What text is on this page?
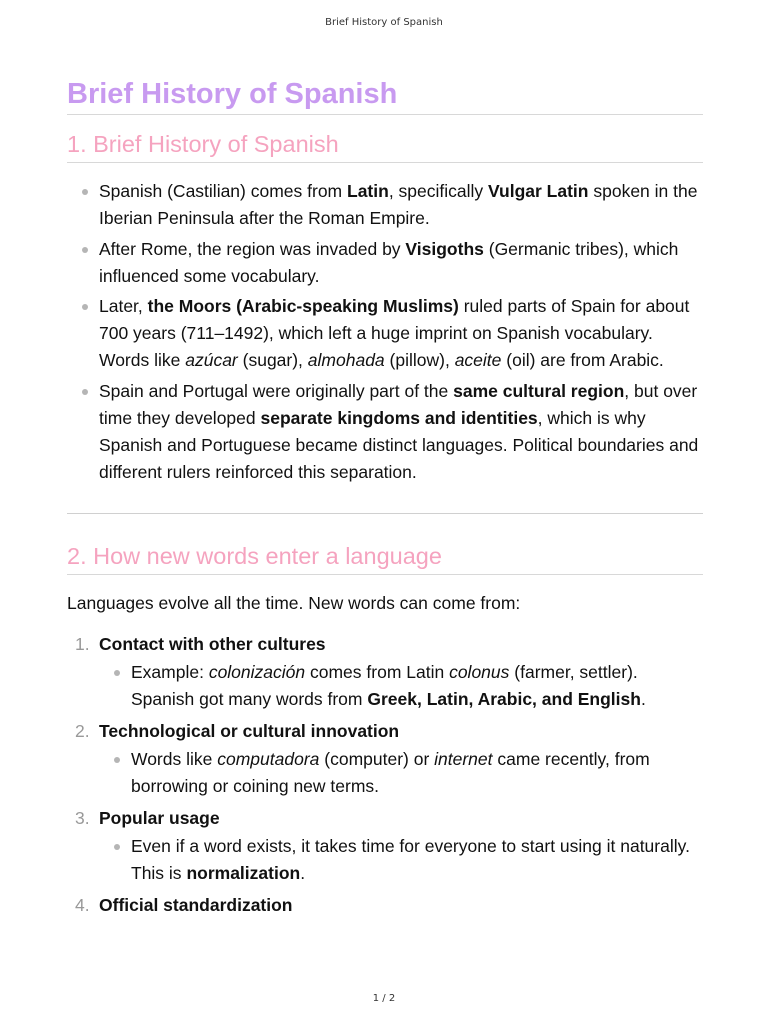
Brief History of Spanish
Brief History of Spanish
1. Brief History of Spanish
Spanish (Castilian) comes from Latin, specifically Vulgar Latin spoken in the Iberian Peninsula after the Roman Empire.
After Rome, the region was invaded by Visigoths (Germanic tribes), which influenced some vocabulary.
Later, the Moors (Arabic-speaking Muslims) ruled parts of Spain for about 700 years (711–1492), which left a huge imprint on Spanish vocabulary. Words like azúcar (sugar), almohada (pillow), aceite (oil) are from Arabic.
Spain and Portugal were originally part of the same cultural region, but over time they developed separate kingdoms and identities, which is why Spanish and Portuguese became distinct languages. Political boundaries and different rulers reinforced this separation.
2. How new words enter a language

Languages evolve all the time. New words can come from:

1. Contact with other cultures
Example: colonización comes from Latin colonus (farmer, settler). Spanish got many words from Greek, Latin, Arabic, and English.
2. Technological or cultural innovation
Words like computadora (computer) or internet came recently, from borrowing or coining new terms.
3. Popular usage
Even if a word exists, it takes time for everyone to start using it naturally. This is normalization.
4. Official standardization
1 / 2
